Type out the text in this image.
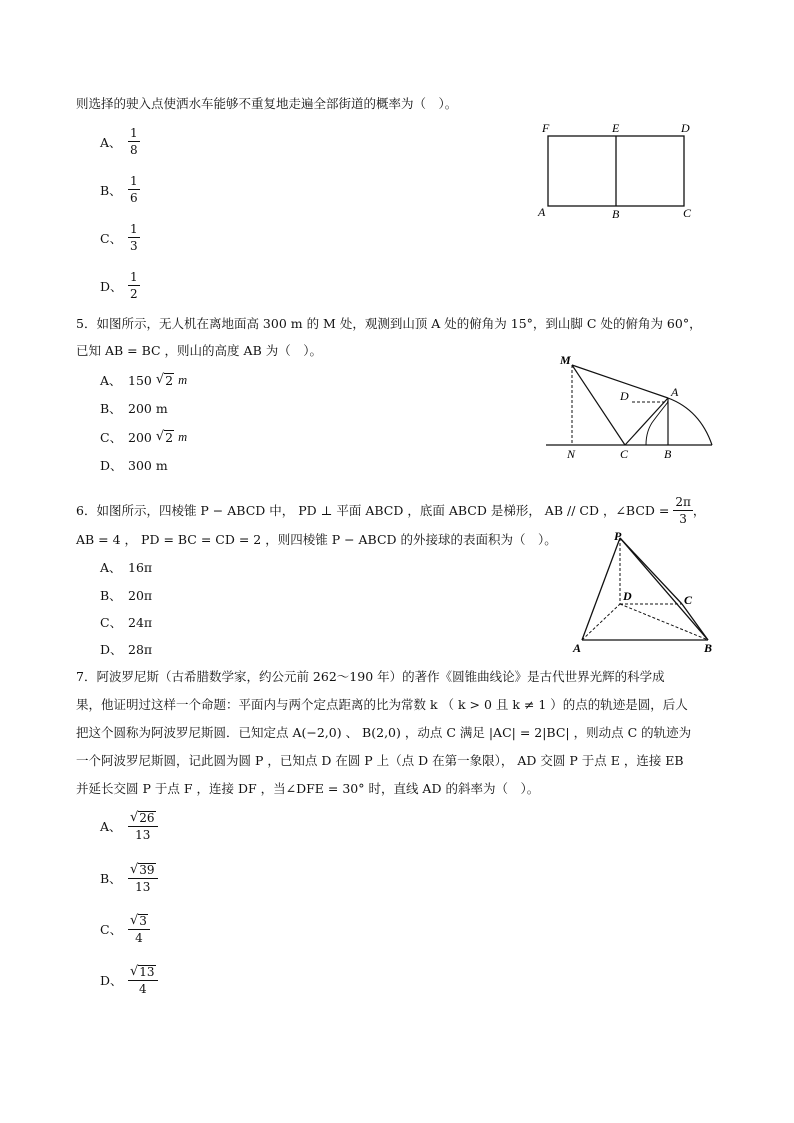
则选择的驶入点使洒水车能够不重复地走遍全部街道的概率为（　）。
A、 $\frac{1}{8}$
B、 $\frac{1}{6}$
C、 $\frac{1}{3}$
D、 $\frac{1}{2}$
F	E	D
A	B	C
5．如图所示，无人机在离地面高 300 m 的 M 处，观测到山顶 A 处的俯角为 15°，到山脚 C 处的俯角为 60°，
已知 AB = BC ，则山的高度 AB 为（　）。
A、 150
√ 2
m
B、 200 m
C、 200
√ 2
m
D、 300 m
M
D	A
N	C	B
6．如图所示，四棱锥 P − ABCD 中， PD ⊥ 平面 ABCD ，底面 ABCD 是梯形， AB // CD ，∠BCD =
$\frac{2\pi}{3}$ ，
AB = 4 ， PD = BC = CD = 2 ，则四棱锥 P − ABCD 的外接球的表面积为（　）。
A、 16π
B、 20π
C、 24π
D、 28π
P
D	C
A	B
7．阿波罗尼斯（古希腊数学家，约公元前 262～190 年）的著作《圆锥曲线论》是古代世界光辉的科学成
果，他证明过这样一个命题：平面内与两个定点距离的比为常数 k （ k > 0 且 k ≠ 1 ）的点的轨迹是圆，后人
把这个圆称为阿波罗尼斯圆．已知定点 A(−2,0) 、 B(2,0) ，动点 C 满足 |AC| = 2|BC| ，则动点 C 的轨迹为
一个阿波罗尼斯圆，记此圆为圆 P ，已知点 D 在圆 P 上（点 D 在第一象限）， AD 交圆 P 于点 E ，连接 EB
并延长交圆 P 于点 F ，连接 DF ，当∠DFE = 30° 时，直线 AD 的斜率为（　）。
A、 $\frac{√ 26}{13}$
B、 $\frac{√ 39}{13}$
C、 $\frac{√ 3}{4}$
D、 $\frac{√ 13}{4}$
